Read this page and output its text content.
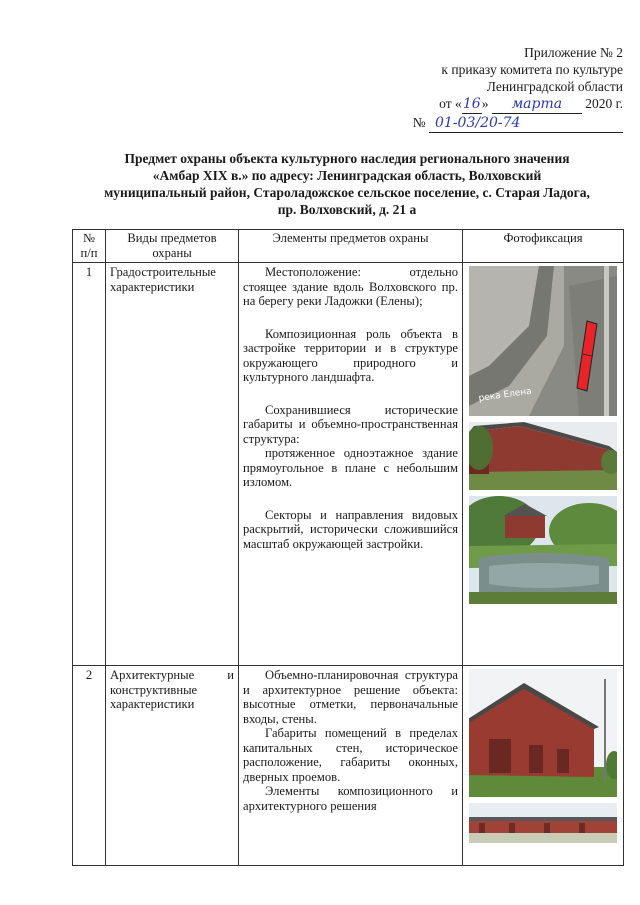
Приложение № 2
к приказу комитета по культуре
Ленинградской области
от «16» марта 2020 г.
№ 01-03/20-74
Предмет охраны объекта культурного наследия регионального значения
«Амбар XIX в.» по адресу: Ленинградская область, Волховский
муниципальный район, Староладожское сельское поселение, с. Старая Ладога,
пр. Волховский, д. 21 а
№ п/п	Виды предметов охраны	Элементы предметов охраны	Фотофиксация
1	Градостроительные характеристики	Местоположение: отдельно стоящее здание вдоль Волховского пр. на берегу реки Ладожки (Елены);

Композиционная роль объекта в застройке территории и в структуре окружающего природного и культурного ландшафта.

Сохранившиеся исторические габариты и объемно-пространственная структура:

протяженное одноэтажное здание прямоугольное в плане с небольшим изломом.

Секторы и направления видовых раскрытий, исторически сложившийся масштаб окружающей застройки.	река Елена

2	Архитектурные и конструктивные характеристики	Объемно-планировочная структура и архитектурное решение объекта: высотные отметки, первоначальные входы, стены.

Габариты помещений в пределах капитальных стен, историческое расположение, габариты оконных, дверных проемов.

Элементы композиционного и архитектурного решения
